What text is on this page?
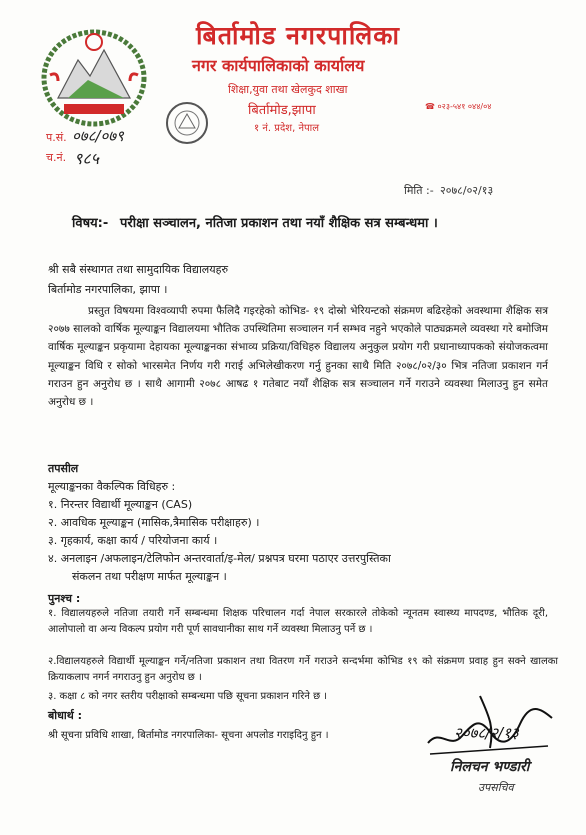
बिर्तामोड नगरपालिका
नगर कार्यपालिकाको कार्यालय
शिक्षा,युवा तथा खेलकुद शाखा
बिर्तामोड,झापा
१ नं. प्रदेश, नेपाल
☎ ०२३-५४१ ०४४/०४
प.सं. ०७८/०७९
च.नं. ९८५
मिति :- २०७८/०२/१३
विषय:- परीक्षा सञ्चालन, नतिजा प्रकाशन तथा नयाँ शैक्षिक सत्र सम्बन्धमा ।
श्री सबै संस्थागत तथा सामुदायिक विद्यालयहरु
बिर्तामोड नगरपालिका, झापा ।
प्रस्तुत विषयमा विश्वव्यापी रुपमा फैलिदै गइरहेको कोभिड- १९ दोस्रो भेरियन्टको संक्रमण बढिरहेको अवस्थामा शैक्षिक सत्र २०७७ सालको वार्षिक मूल्याङ्कन विद्यालयमा भौतिक उपस्थितिमा सञ्चालन गर्न सम्भव नहुने भएकोले पाठ्यक्रमले व्यवस्था गरे बमोजिम वार्षिक मूल्याङ्कन प्रकृयामा देहायका मूल्याङ्कनका संभाव्य प्रक्रिया/विधिहरु विद्यालय अनुकुल प्रयोग गरी प्रधानाध्यापकको संयोजकत्वमा मूल्याङ्कन विधि र सोको भारसमेत निर्णय गरी गराई अभिलेखीकरण गर्नु हुनका साथै मिति २०७८/०२/३० भित्र नतिजा प्रकाशन गर्न गराउन हुन अनुरोध छ । साथै आगामी २०७८ आषढ १ गतेबाट नयाँ शैक्षिक सत्र सञ्चालन गर्ने गराउने व्यवस्था मिलाउनु हुन समेत अनुरोध छ ।
तपसील
मूल्याङ्कनका वैकल्पिक विधिहरु :
१. निरन्तर विद्यार्थी मूल्याङ्कन (CAS)
२. आवधिक मूल्याङ्कन (मासिक,त्रैमासिक परीक्षाहरु) ।
३. गृहकार्य, कक्षा कार्य / परियोजना कार्य ।
४. अनलाइन /अफलाइन/टेलिफोन अन्तरवार्ता/इ-मेल/ प्रश्नपत्र घरमा पठाएर उत्तरपुस्तिका
संकलन तथा परीक्षण मार्फत मूल्याङ्कन ।
पुनश्च :
१. विद्यालयहरुले नतिजा तयारी गर्ने सम्बन्धमा शिक्षक परिचालन गर्दा नेपाल सरकारले तोकेको न्यूनतम स्वास्थ्य मापदण्ड, भौतिक दूरी, आलोपालो वा अन्य विकल्प प्रयोग गरी पूर्ण सावधानीका साथ गर्ने व्यवस्था मिलाउनु पर्ने छ ।
२.विद्यालयहरुले विद्यार्थी मूल्याङ्कन गर्ने/नतिजा प्रकाशन तथा वितरण गर्ने गराउने सन्दर्भमा कोभिड १९ को संक्रमण प्रवाह हुन सक्ने खालका क्रियाकलाप नगर्न नगराउनु हुन अनुरोध छ ।
३. कक्षा ८ को नगर स्तरीय परीक्षाको सम्बन्धमा पछि सूचना प्रकाशन गरिने छ ।
बोधार्थ :
श्री सूचना प्रविधि शाखा, बिर्तामोड नगरपालिका- सूचना अपलोड गराइदिनु हुन ।	२०७८/२/१३
निलचन भण्डारी
उपसचिव
